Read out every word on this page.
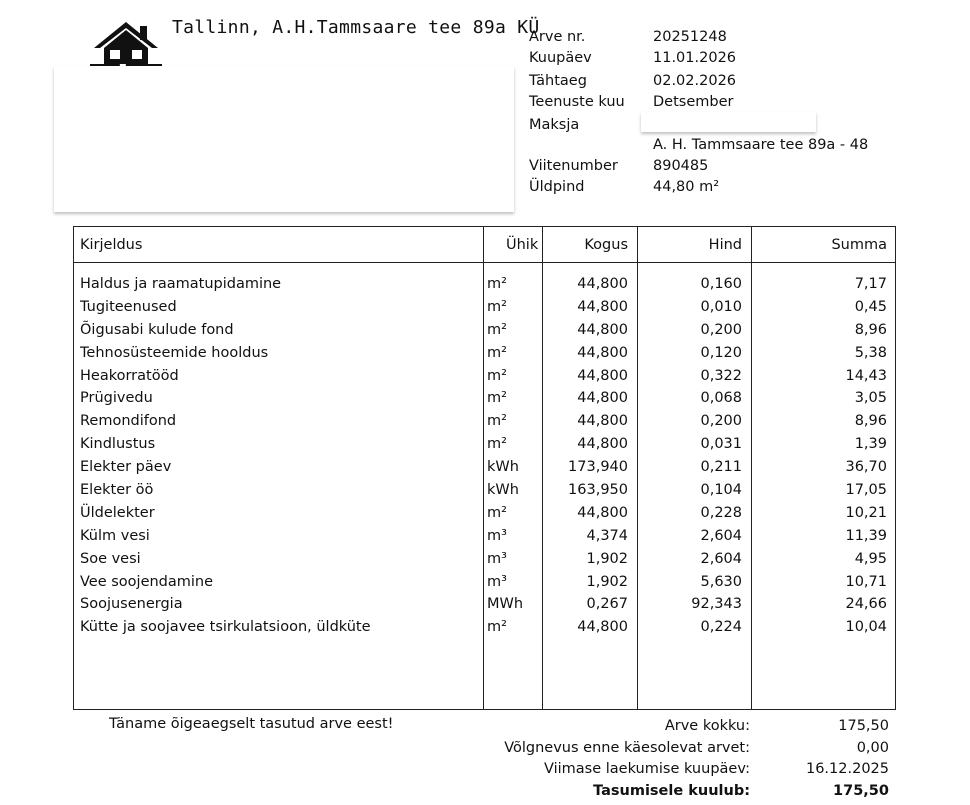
Tallinn, A.H.Tammsaare tee 89a KÜ
Arve nr.	20251248
Kuupäev	11.01.2026
Tähtaeg	02.02.2026
Teenuste kuu Detsember
Maksja
A. H. Tammsaare tee 89a - 48
Viitenumber 890485
Üldpind	44,80 m²
Kirjeldus	Ühik	Kogus	Hind	Summa
Haldus ja raamatupidamine	m²	44,800	0,160	7,17
Tugiteenused	m²	44,800	0,010	0,45
Õigusabi kulude fond	m²	44,800	0,200	8,96
Tehnosüsteemide hooldus	m²	44,800	0,120	5,38
Heakorratööd	m²	44,800	0,322	14,43
Prügivedu	m²	44,800	0,068	3,05
Remondifond	m²	44,800	0,200	8,96
Kindlustus	m²	44,800	0,031	1,39
Elekter päev	kWh	173,940	0,211	36,70
Elekter öö	kWh	163,950	0,104	17,05
Üldelekter	m²	44,800	0,228	10,21
Külm vesi	m³	4,374	2,604	11,39
Soe vesi	m³	1,902	2,604	4,95
Vee soojendamine	m³	1,902	5,630	10,71
Soojusenergia	MWh	0,267	92,343	24,66
Kütte ja soojavee tsirkulatsioon, üldküte	m²	44,800	0,224	10,04
Täname õigeaegselt tasutud arve eest!	Arve kokku:	175,50
Võlgnevus enne käesolevat arvet:	0,00
Viimase laekumise kuupäev:	16.12.2025
Tasumisele kuulub:	175,50
